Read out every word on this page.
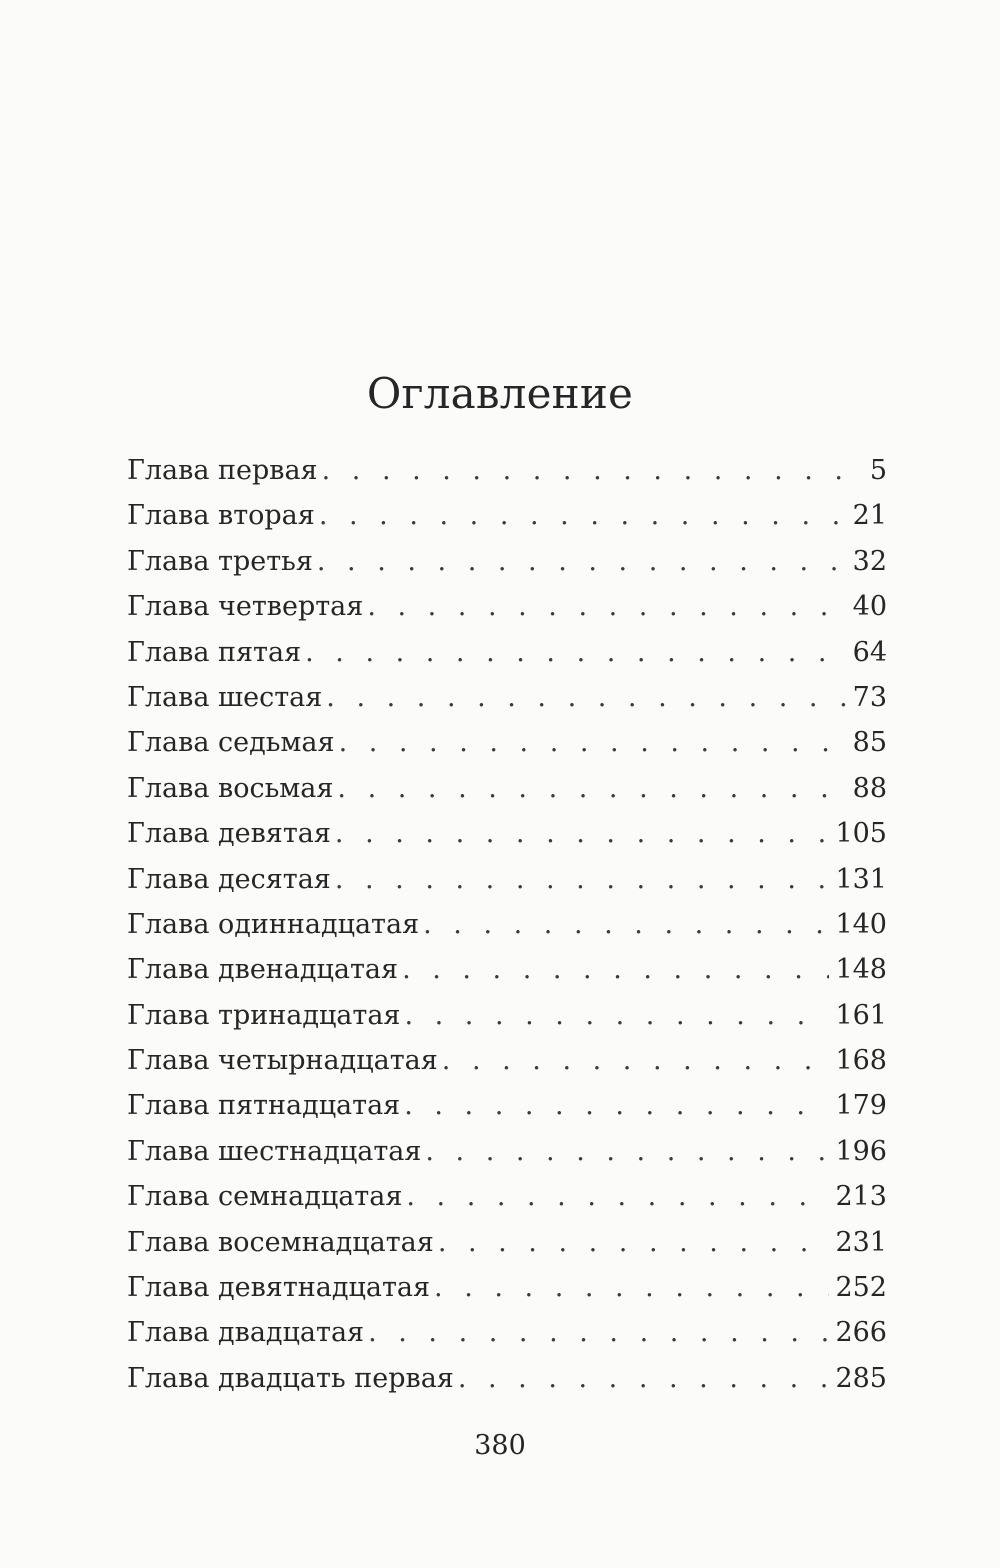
Оглавление
Глава первая . . .	5
Глава вторая . . .	21
Глава третья . . .	32
Глава четвертая . . .	40
Глава пятая . . .	64
Глава шестая . . .	73
Глава седьмая . . .	85
Глава восьмая . . .	88
Глава девятая . . .	105
Глава десятая . . .	131
Глава одиннадцатая . . .	140
Глава двенадцатая . . .	148
Глава тринадцатая . . .	161
Глава четырнадцатая . . .	168
Глава пятнадцатая . . .	179
Глава шестнадцатая . . .	196
Глава семнадцатая . . .	213
Глава восемнадцатая . . .	231
Глава девятнадцатая . . .	252
Глава двадцатая . . .	266
Глава двадцать первая . . .	285
380
